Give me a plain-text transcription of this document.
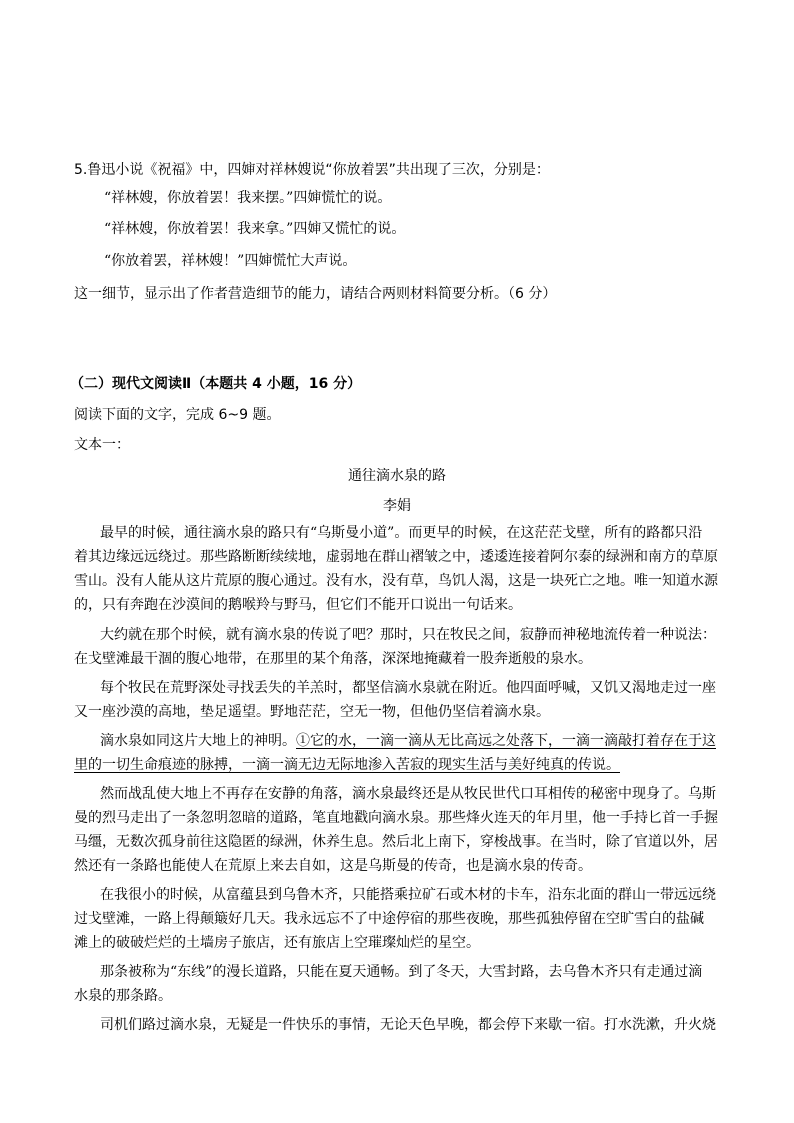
5.鲁迅小说《祝福》中，四婶对祥林嫂说“你放着罢”共出现了三次，分别是：
“祥林嫂，你放着罢！我来摆。”四婶慌忙的说。
“祥林嫂，你放着罢！我来拿。”四婶又慌忙的说。
“你放着罢，祥林嫂！”四婶慌忙大声说。
这一细节，显示出了作者营造细节的能力，请结合两则材料简要分析。（6 分）
（二）现代文阅读Ⅱ（本题共 4 小题，16 分）
阅读下面的文字，完成 6~9 题。
文本一：
通往滴水泉的路
李娟
最早的时候，通往滴水泉的路只有“乌斯曼小道”。而更早的时候，在这茫茫戈壁，所有的路都只沿
着其边缘远远绕过。那些路断断续续地，虚弱地在群山褶皱之中，逶逶连接着阿尔泰的绿洲和南方的草原
雪山。没有人能从这片荒原的腹心通过。没有水，没有草，鸟饥人渴，这是一块死亡之地。唯一知道水源
的，只有奔跑在沙漠间的鹅喉羚与野马，但它们不能开口说出一句话来。
大约就在那个时候，就有滴水泉的传说了吧？那时，只在牧民之间，寂静而神秘地流传着一种说法：
在戈壁滩最干涸的腹心地带，在那里的某个角落，深深地掩藏着一股奔逝般的泉水。
每个牧民在荒野深处寻找丢失的羊羔时，都坚信滴水泉就在附近。他四面呼喊，又饥又渴地走过一座
又一座沙漠的高地，垫足遥望。野地茫茫，空无一物，但他仍坚信着滴水泉。
滴水泉如同这片大地上的神明。①它的水，一滴一滴从无比高远之处落下，一滴一滴敲打着存在于这
里的一切生命痕迹的脉搏，一滴一滴无边无际地渗入苦寂的现实生活与美好纯真的传说。
然而战乱使大地上不再存在安静的角落，滴水泉最终还是从牧民世代口耳相传的秘密中现身了。乌斯
曼的烈马走出了一条忽明忽暗的道路，笔直地戳向滴水泉。那些烽火连天的年月里，他一手持匕首一手握
马缰，无数次孤身前往这隐匿的绿洲，休养生息。然后北上南下，穿梭战事。在当时，除了官道以外，居
然还有一条路也能使人在荒原上来去自如，这是乌斯曼的传奇，也是滴水泉的传奇。
在我很小的时候，从富蕴县到乌鲁木齐，只能搭乘拉矿石或木材的卡车，沿东北面的群山一带远远绕
过戈壁滩，一路上得颠簸好几天。我永远忘不了中途停宿的那些夜晚，那些孤独停留在空旷雪白的盐碱
滩上的破破烂烂的土墙房子旅店，还有旅店上空璀璨灿烂的星空。
那条被称为“东线”的漫长道路，只能在夏天通畅。到了冬天，大雪封路，去乌鲁木齐只有走通过滴
水泉的那条路。
司机们路过滴水泉，无疑是一件快乐的事情，无论天色早晚，都会停下来歇一宿。打水洗漱，升火烧
